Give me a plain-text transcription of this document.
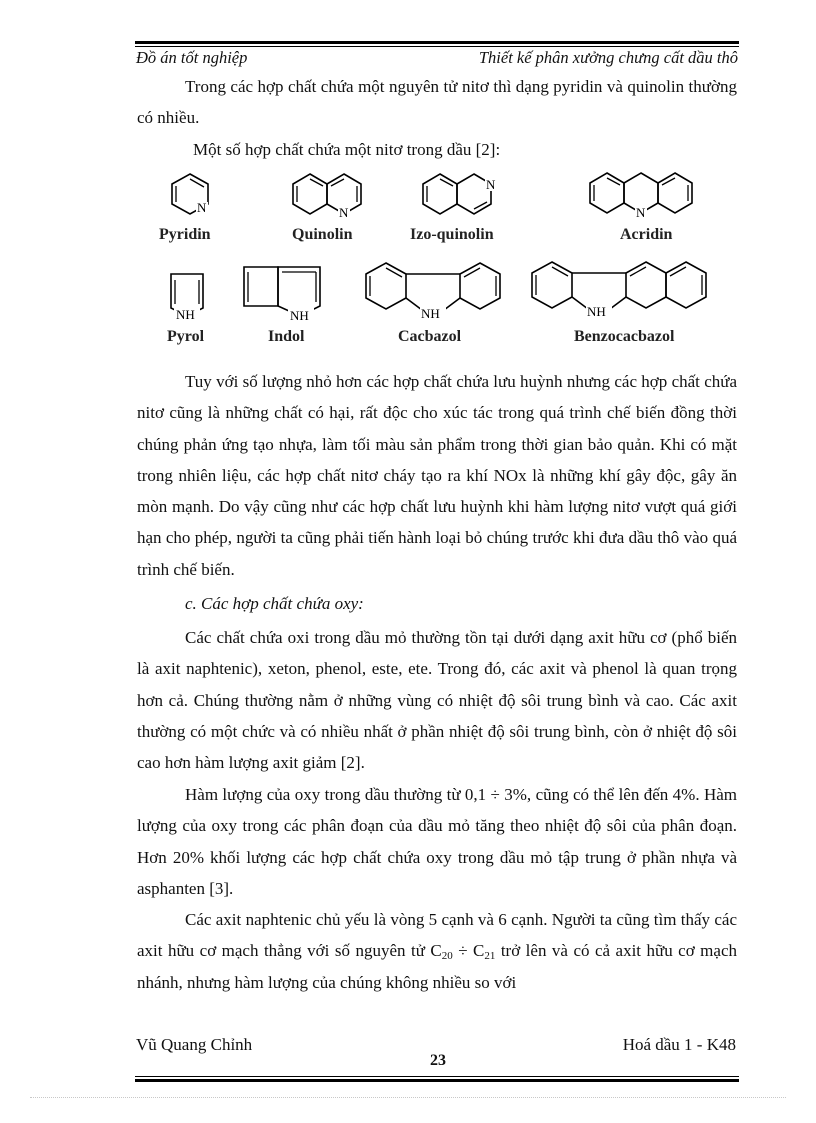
Đồ án tốt nghiệp	Thiết kế phân xưởng chưng cất dầu thô

Trong các hợp chất chứa một nguyên tử nitơ thì dạng pyridin và quinolin thường có nhiều.

Một số hợp chất chứa một nitơ trong dầu [2]:

N
Pyridin
N
Quinolin
N
Izo-quinolin
N
Acridin
NH
Pyrol
NH
Indol
NH
Cacbazol
NH
Benzocacbazol

Tuy với số lượng nhỏ hơn các hợp chất chứa lưu huỳnh nhưng các hợp chất chứa nitơ cũng là những chất có hại, rất độc cho xúc tác trong quá trình chế biến đồng thời chúng phản ứng tạo nhựa, làm tối màu sản phẩm trong thời gian bảo quản. Khi có mặt trong nhiên liệu, các hợp chất nitơ cháy tạo ra khí NOx là những khí gây độc, gây ăn mòn mạnh. Do vậy cũng như các hợp chất lưu huỳnh khi hàm lượng nitơ vượt quá giới hạn cho phép, người ta cũng phải tiến hành loại bỏ chúng trước khi đưa dầu thô vào quá trình chế biến.

c. Các hợp chất chứa oxy:

Các chất chứa oxi trong dầu mỏ thường tồn tại dưới dạng axit hữu cơ (phổ biến là axit naphtenic), xeton, phenol, este, ete. Trong đó, các axit và phenol là quan trọng hơn cả. Chúng thường nằm ở những vùng có nhiệt độ sôi trung bình và cao. Các axit thường có một chức và có nhiều nhất ở phần nhiệt độ sôi trung bình, còn ở nhiệt độ sôi cao hơn hàm lượng axit giảm [2].

Hàm lượng của oxy trong dầu thường từ 0,1 ÷ 3%, cũng có thể lên đến 4%. Hàm lượng của oxy trong các phân đoạn của dầu mỏ tăng theo nhiệt độ sôi của phân đoạn. Hơn 20% khối lượng các hợp chất chứa oxy trong dầu mỏ tập trung ở phần nhựa và asphanten [3].

Các axit naphtenic chủ yếu là vòng 5 cạnh và 6 cạnh. Người ta cũng tìm thấy các axit hữu cơ mạch thẳng với số nguyên tử $C_{20} \div C_{21}$ trở lên và có cả axit hữu cơ mạch nhánh, nhưng hàm lượng của chúng không nhiều so với

Vũ Quang Chỉnh	Hoá dầu 1 - K48
23
